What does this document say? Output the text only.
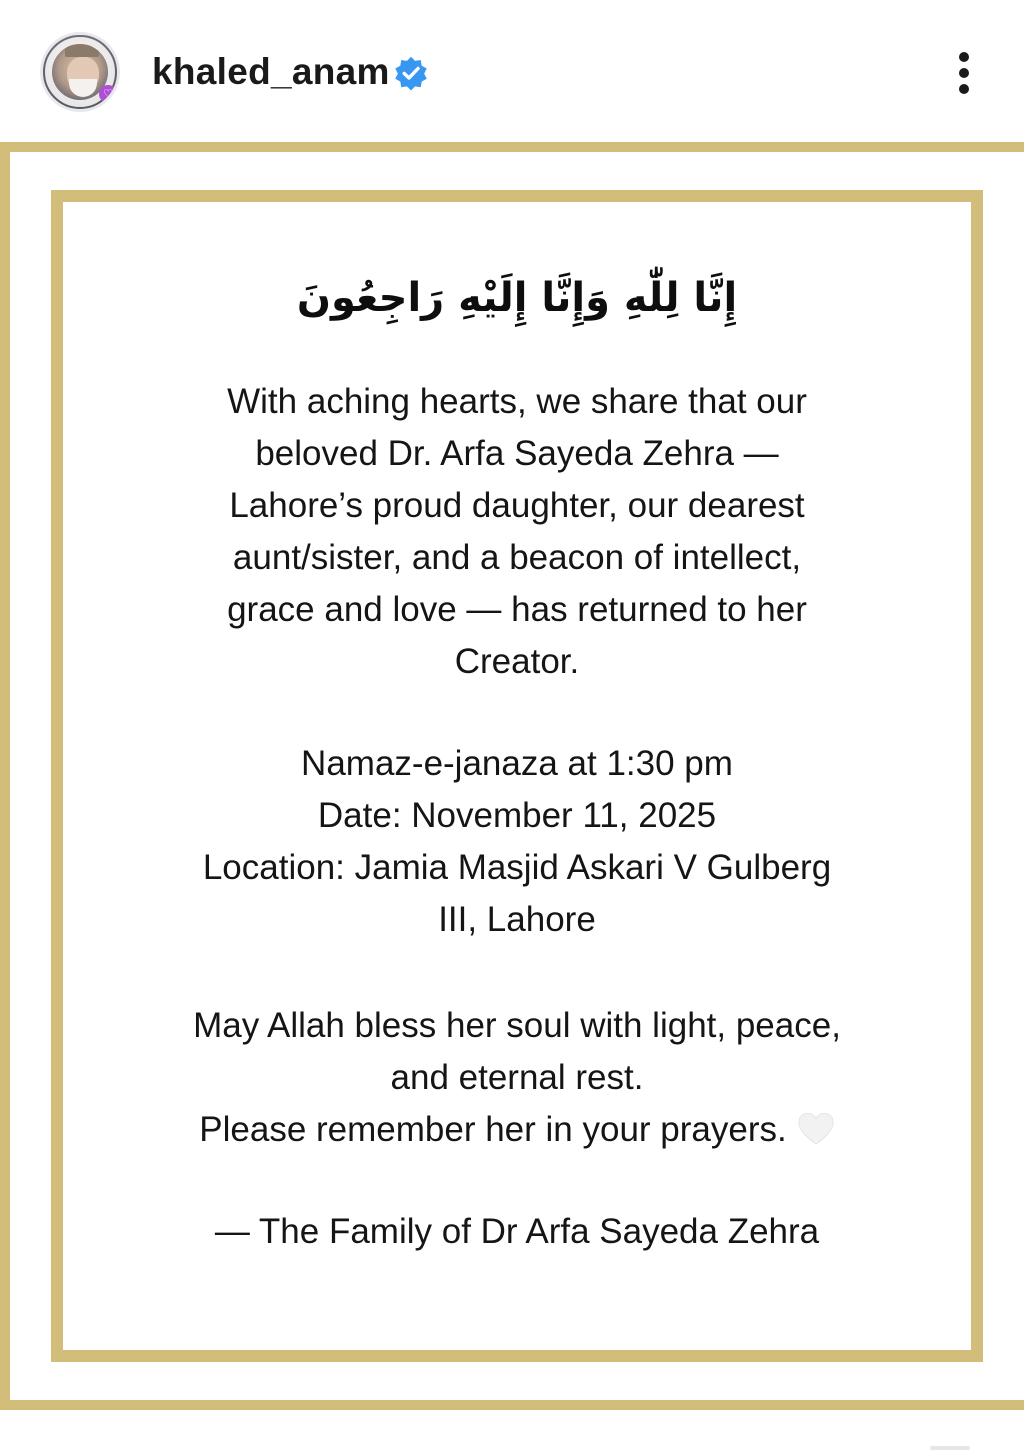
♡
khaled_anam
إِنَّا لِلّٰهِ وَإِنَّا إِلَيْهِ رَاجِعُونَ
With aching hearts, we share that our
beloved Dr. Arfa Sayeda Zehra —
Lahore’s proud daughter, our dearest
aunt/sister, and a beacon of intellect,
grace and love — has returned to her
Creator.
Namaz-e-janaza at 1:30 pm
Date: November 11, 2025
Location: Jamia Masjid Askari V Gulberg
III, Lahore
May Allah bless her soul with light, peace,
and eternal rest.
Please remember her in your prayers.
— The Family of Dr Arfa Sayeda Zehra
